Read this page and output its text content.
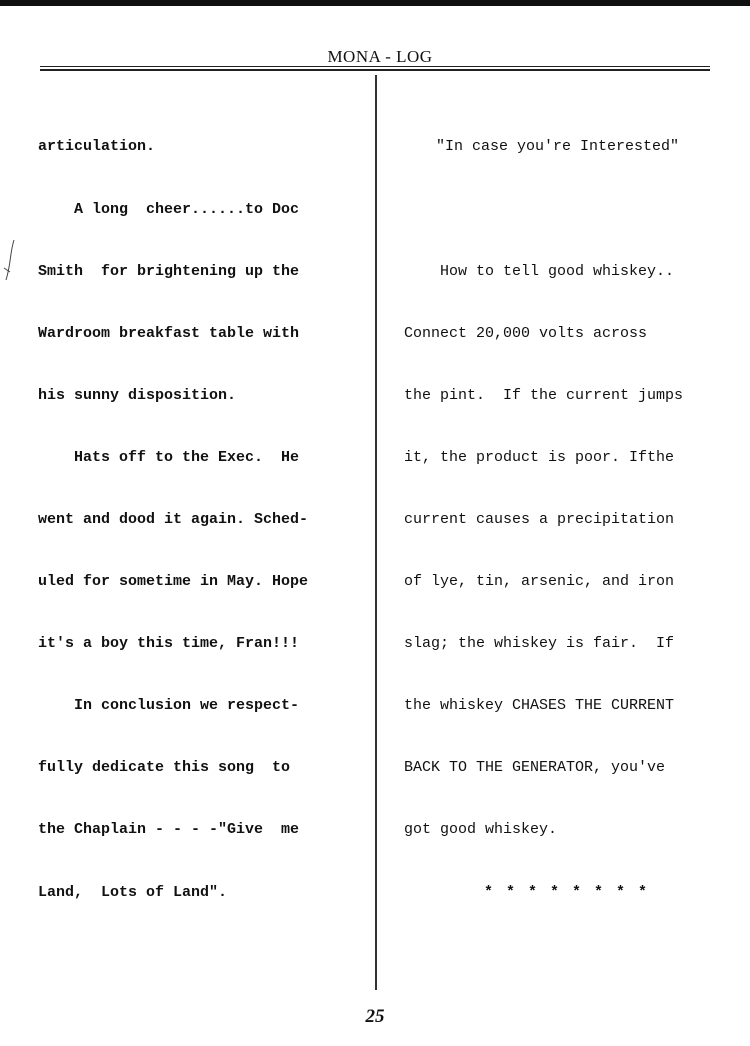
MONA - LOG

articulation.

A long  cheer......to Doc

Smith  for brightening up the

Wardroom breakfast table with

his sunny disposition.

Hats off to the Exec.  He

went and dood it again. Sched-

uled for sometime in May. Hope

it's a boy this time, Fran!!!

In conclusion we respect-

fully dedicate this song  to

the Chaplain - - - -"Give  me

Land,  Lots of Land".

"In case you're Interested"

How to tell good whiskey..

Connect 20,000 volts across

the pint.  If the current jumps

it, the product is poor. Ifthe

current causes a precipitation

of lye, tin, arsenic, and iron

slag; the whiskey is fair.  If

the whiskey CHASES THE CURRENT

BACK TO THE GENERATOR, you've

got good whiskey.

* * * * * * * *

25
